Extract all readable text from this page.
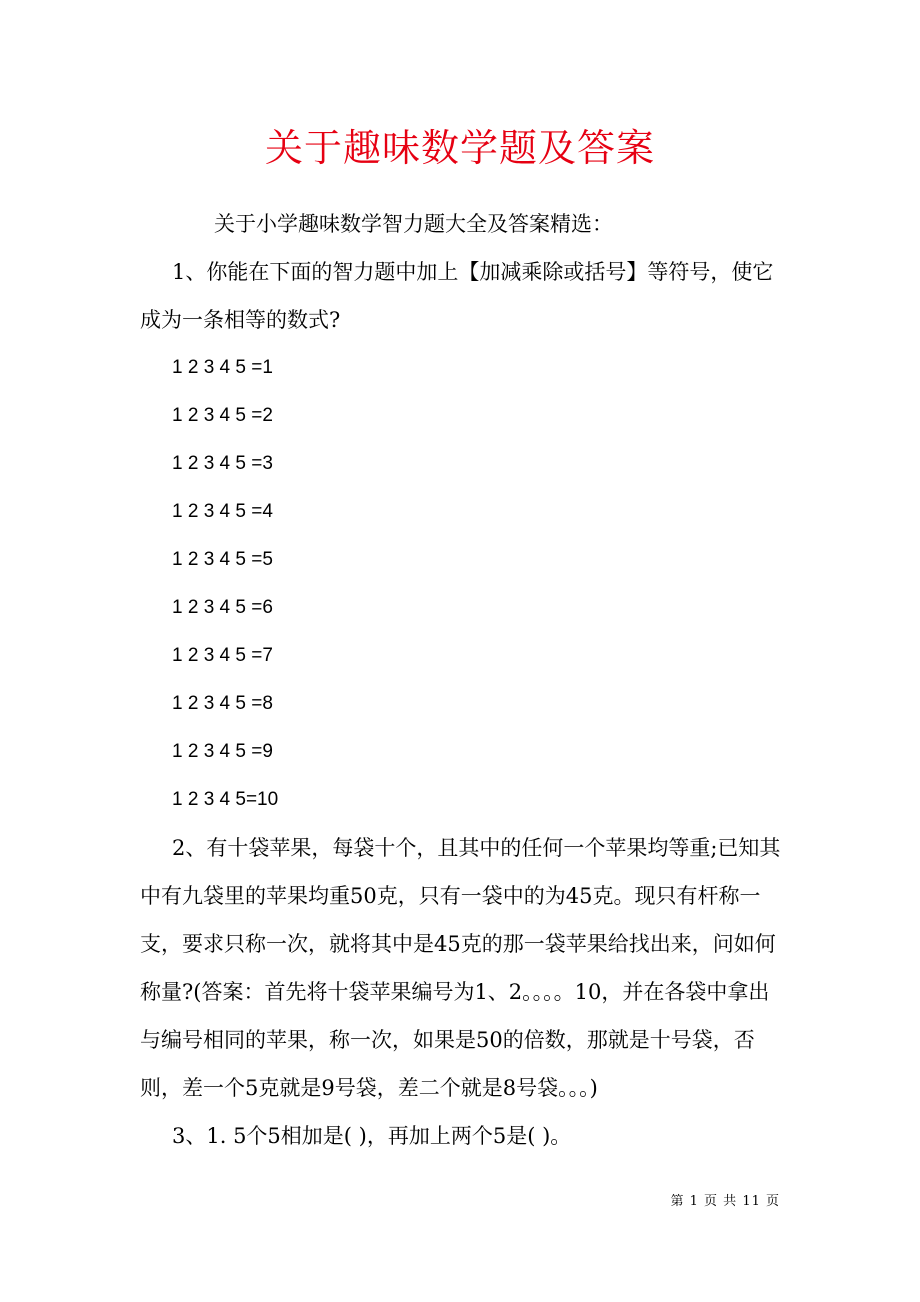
关于趣味数学题及答案

关于小学趣味数学智力题大全及答案精选：

1、你能在下面的智力题中加上【加减乘除或括号】等符号，使它成为一条相等的数式?

1 2 3 4 5 =1

1 2 3 4 5 =2

1 2 3 4 5 =3

1 2 3 4 5 =4

1 2 3 4 5 =5

1 2 3 4 5 =6

1 2 3 4 5 =7

1 2 3 4 5 =8

1 2 3 4 5 =9

1 2 3 4 5=10

2、有十袋苹果，每袋十个，且其中的任何一个苹果均等重;已知其中有九袋里的苹果均重50克，只有一袋中的为45克。现只有杆称一支，要求只称一次，就将其中是45克的那一袋苹果给找出来，问如何称量?(答案：首先将十袋苹果编号为1、2。。。。10，并在各袋中拿出与编号相同的苹果，称一次，如果是50的倍数，那就是十号袋，否则，差一个5克就是9号袋，差二个就是8号袋。。。)

3、1. 5个5相加是( )，再加上两个5是( )。

第 1 页 共 11 页
